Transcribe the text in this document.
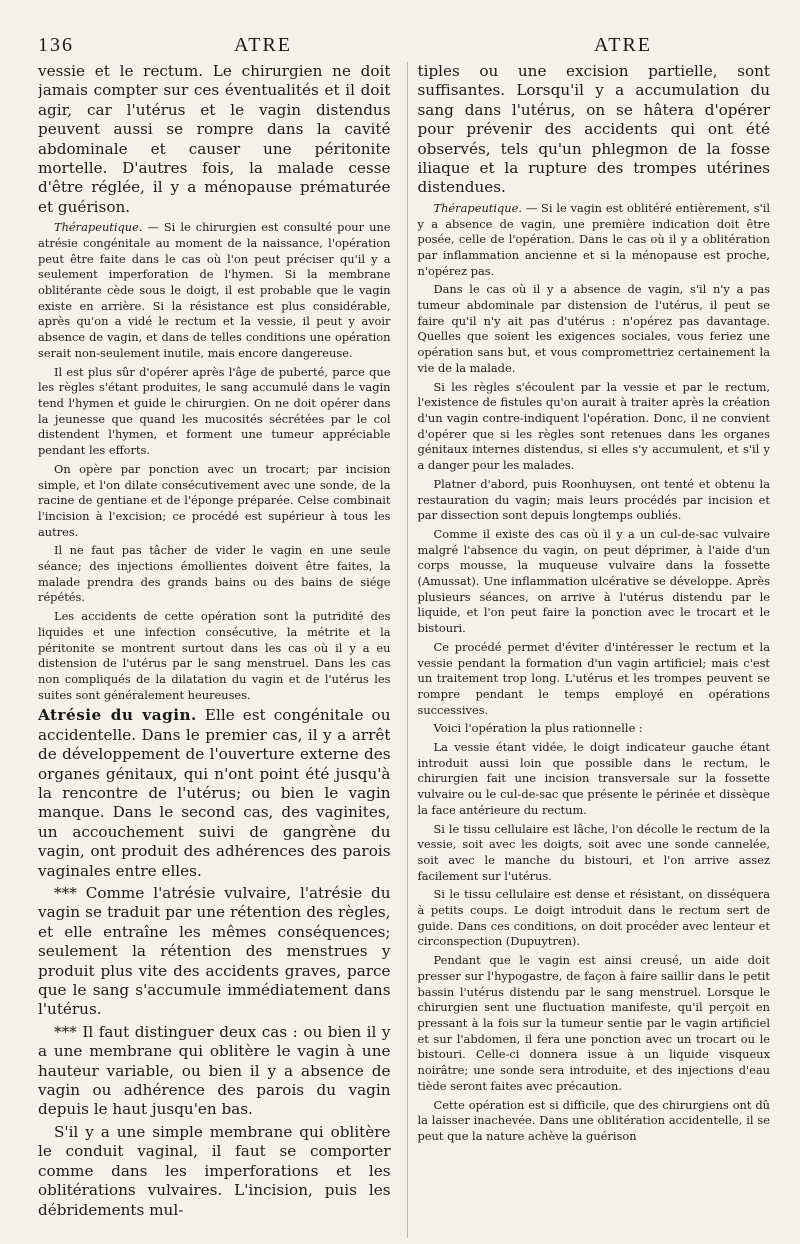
136	ATRE	ATRE

vessie et le rectum. Le chirurgien ne doit jamais compter sur ces éventualités et il doit agir, car l'utérus et le vagin distendus peuvent aussi se rompre dans la cavité abdominale et causer une péritonite mortelle. D'autres fois, la malade cesse d'être réglée, il y a ménopause prématurée et guérison.

Thérapeutique. — Si le chirurgien est consulté pour une atrésie congénitale au moment de la naissance, l'opération peut être faite dans le cas où l'on peut préciser qu'il y a seulement imperforation de l'hymen. Si la membrane oblitérante cède sous le doigt, il est probable que le vagin existe en arrière. Si la résistance est plus considérable, après qu'on a vidé le rectum et la vessie, il peut y avoir absence de vagin, et dans de telles conditions une opération serait non-seulement inutile, mais encore dangereuse.

Il est plus sûr d'opérer après l'âge de puberté, parce que les règles s'étant produites, le sang accumulé dans le vagin tend l'hymen et guide le chirurgien. On ne doit opérer dans la jeunesse que quand les mucosités sécrétées par le col distendent l'hymen, et forment une tumeur appréciable pendant les efforts.

On opère par ponction avec un trocart; par incision simple, et l'on dilate consécutivement avec une sonde, de la racine de gentiane et de l'éponge préparée. Celse combinait l'incision à l'excision; ce procédé est supérieur à tous les autres.

Il ne faut pas tâcher de vider le vagin en une seule séance; des injections émollientes doivent être faites, la malade prendra des grands bains ou des bains de siége répétés.

Les accidents de cette opération sont la putridité des liquides et une infection consécutive, la métrite et la péritonite se montrent surtout dans les cas où il y a eu distension de l'utérus par le sang menstruel. Dans les cas non compliqués de la dilatation du vagin et de l'utérus les suites sont généralement heureuses.

Atrésie du vagin. Elle est congénitale ou accidentelle. Dans le premier cas, il y a arrêt de développement de l'ouverture externe des organes génitaux, qui n'ont point été jusqu'à la rencontre de l'utérus; ou bien le vagin manque. Dans le second cas, des vaginites, un accouchement suivi de gangrène du vagin, ont produit des adhérences des parois vaginales entre elles.

*** Comme l'atrésie vulvaire, l'atrésie du vagin se traduit par une rétention des règles, et elle entraîne les mêmes conséquences; seulement la rétention des menstrues y produit plus vite des accidents graves, parce que le sang s'accumule immédiatement dans l'utérus.

*** Il faut distinguer deux cas : ou bien il y a une membrane qui oblitère le vagin à une hauteur variable, ou bien il y a absence de vagin ou adhérence des parois du vagin depuis le haut jusqu'en bas.

S'il y a une simple membrane qui oblitère le conduit vaginal, il faut se comporter comme dans les imperforations et les oblitérations vulvaires. L'incision, puis les débridements mul-

tiples ou une excision partielle, sont suffisantes. Lorsqu'il y a accumulation du sang dans l'utérus, on se hâtera d'opérer pour prévenir des accidents qui ont été observés, tels qu'un phlegmon de la fosse iliaque et la rupture des trompes utérines distendues.

Thérapeutique. — Si le vagin est oblitéré entièrement, s'il y a absence de vagin, une première indication doit être posée, celle de l'opération. Dans le cas où il y a oblitération par inflammation ancienne et si la ménopause est proche, n'opérez pas.

Dans le cas où il y a absence de vagin, s'il n'y a pas tumeur abdominale par distension de l'utérus, il peut se faire qu'il n'y ait pas d'utérus : n'opérez pas davantage. Quelles que soient les exigences sociales, vous feriez une opération sans but, et vous compromettriez certainement la vie de la malade.

Si les règles s'écoulent par la vessie et par le rectum, l'existence de fistules qu'on aurait à traiter après la création d'un vagin contre-indiquent l'opération. Donc, il ne convient d'opérer que si les règles sont retenues dans les organes génitaux internes distendus, si elles s'y accumulent, et s'il y a danger pour les malades.

Platner d'abord, puis Roonhuysen, ont tenté et obtenu la restauration du vagin; mais leurs procédés par incision et par dissection sont depuis longtemps oubliés.

Comme il existe des cas où il y a un cul-de-sac vulvaire malgré l'absence du vagin, on peut déprimer, à l'aide d'un corps mousse, la muqueuse vulvaire dans la fossette (Amussat). Une inflammation ulcérative se développe. Après plusieurs séances, on arrive à l'utérus distendu par le liquide, et l'on peut faire la ponction avec le trocart et le bistouri.

Ce procédé permet d'éviter d'intéresser le rectum et la vessie pendant la formation d'un vagin artificiel; mais c'est un traitement trop long. L'utérus et les trompes peuvent se rompre pendant le temps employé en opérations successives.

Voici l'opération la plus rationnelle :

La vessie étant vidée, le doigt indicateur gauche étant introduit aussi loin que possible dans le rectum, le chirurgien fait une incision transversale sur la fossette vulvaire ou le cul-de-sac que présente le périnée et dissèque la face antérieure du rectum.

Si le tissu cellulaire est lâche, l'on décolle le rectum de la vessie, soit avec les doigts, soit avec une sonde cannelée, soit avec le manche du bistouri, et l'on arrive assez facilement sur l'utérus.

Si le tissu cellulaire est dense et résistant, on disséquera à petits coups. Le doigt introduit dans le rectum sert de guide. Dans ces conditions, on doit procéder avec lenteur et circonspection (Dupuytren).

Pendant que le vagin est ainsi creusé, un aide doit presser sur l'hypogastre, de façon à faire saillir dans le petit bassin l'utérus distendu par le sang menstruel. Lorsque le chirurgien sent une fluctuation manifeste, qu'il perçoit en pressant à la fois sur la tumeur sentie par le vagin artificiel et sur l'abdomen, il fera une ponction avec un trocart ou le bistouri. Celle-ci donnera issue à un liquide visqueux noirâtre; une sonde sera introduite, et des injections d'eau tiède seront faites avec précaution.

Cette opération est si difficile, que des chirurgiens ont dû la laisser inachevée. Dans une oblitération accidentelle, il se peut que la nature achève la guérison
